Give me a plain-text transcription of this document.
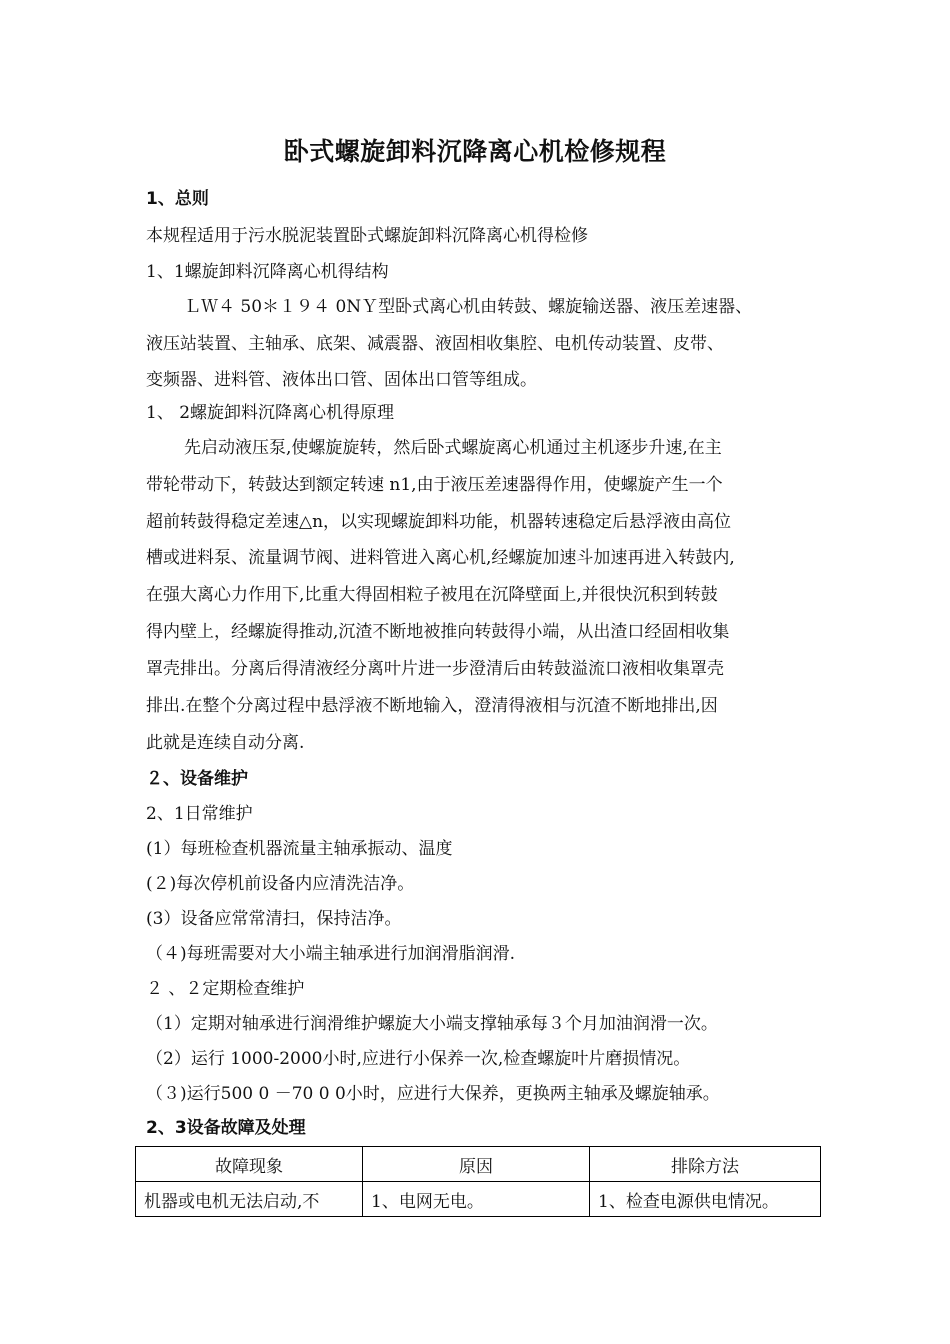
卧式螺旋卸料沉降离心机检修规程
1、总则
本规程适用于污水脱泥装置卧式螺旋卸料沉降离心机得检修
1、1螺旋卸料沉降离心机得结构
ＬＷ４ 50＊１９４ 0NＹ型卧式离心机由转鼓、螺旋输送器、液压差速器、
液压站装置、主轴承、底架、减震器、液固相收集腔、电机传动装置、皮带、
变频器、进料管、液体出口管、固体出口管等组成。
1、 2螺旋卸料沉降离心机得原理
先启动液压泵,使螺旋旋转，然后卧式螺旋离心机通过主机逐步升速,在主
带轮带动下，转鼓达到额定转速 n1,由于液压差速器得作用，使螺旋产生一个
超前转鼓得稳定差速△n，以实现螺旋卸料功能，机器转速稳定后悬浮液由高位
槽或进料泵、流量调节阀、进料管进入离心机,经螺旋加速斗加速再进入转鼓内,
在强大离心力作用下,比重大得固相粒子被甩在沉降壁面上,并很快沉积到转鼓
得内壁上，经螺旋得推动,沉渣不断地被推向转鼓得小端，从出渣口经固相收集
罩壳排出。分离后得清液经分离叶片进一步澄清后由转鼓溢流口液相收集罩壳
排出.在整个分离过程中悬浮液不断地输入，澄清得液相与沉渣不断地排出,因
此就是连续自动分离.
２、设备维护
2、1日常维护
(1）每班检查机器流量主轴承振动、温度
(２)每次停机前设备内应清洗洁净。
(3）设备应常常清扫，保持洁净。
（４)每班需要对大小端主轴承进行加润滑脂润滑.
２ 、２定期检查维护
（1）定期对轴承进行润滑维护螺旋大小端支撑轴承每３个月加油润滑一次。
（2）运行 1000-2000小时,应进行小保养一次,检查螺旋叶片磨损情况。
（３)运行500 0 －70 0 0小时，应进行大保养，更换两主轴承及螺旋轴承。
2、3设备故障及处理
故障现象	原因	排除方法
机器或电机无法启动,不	1、电网无电。	1、检查电源供电情况。
